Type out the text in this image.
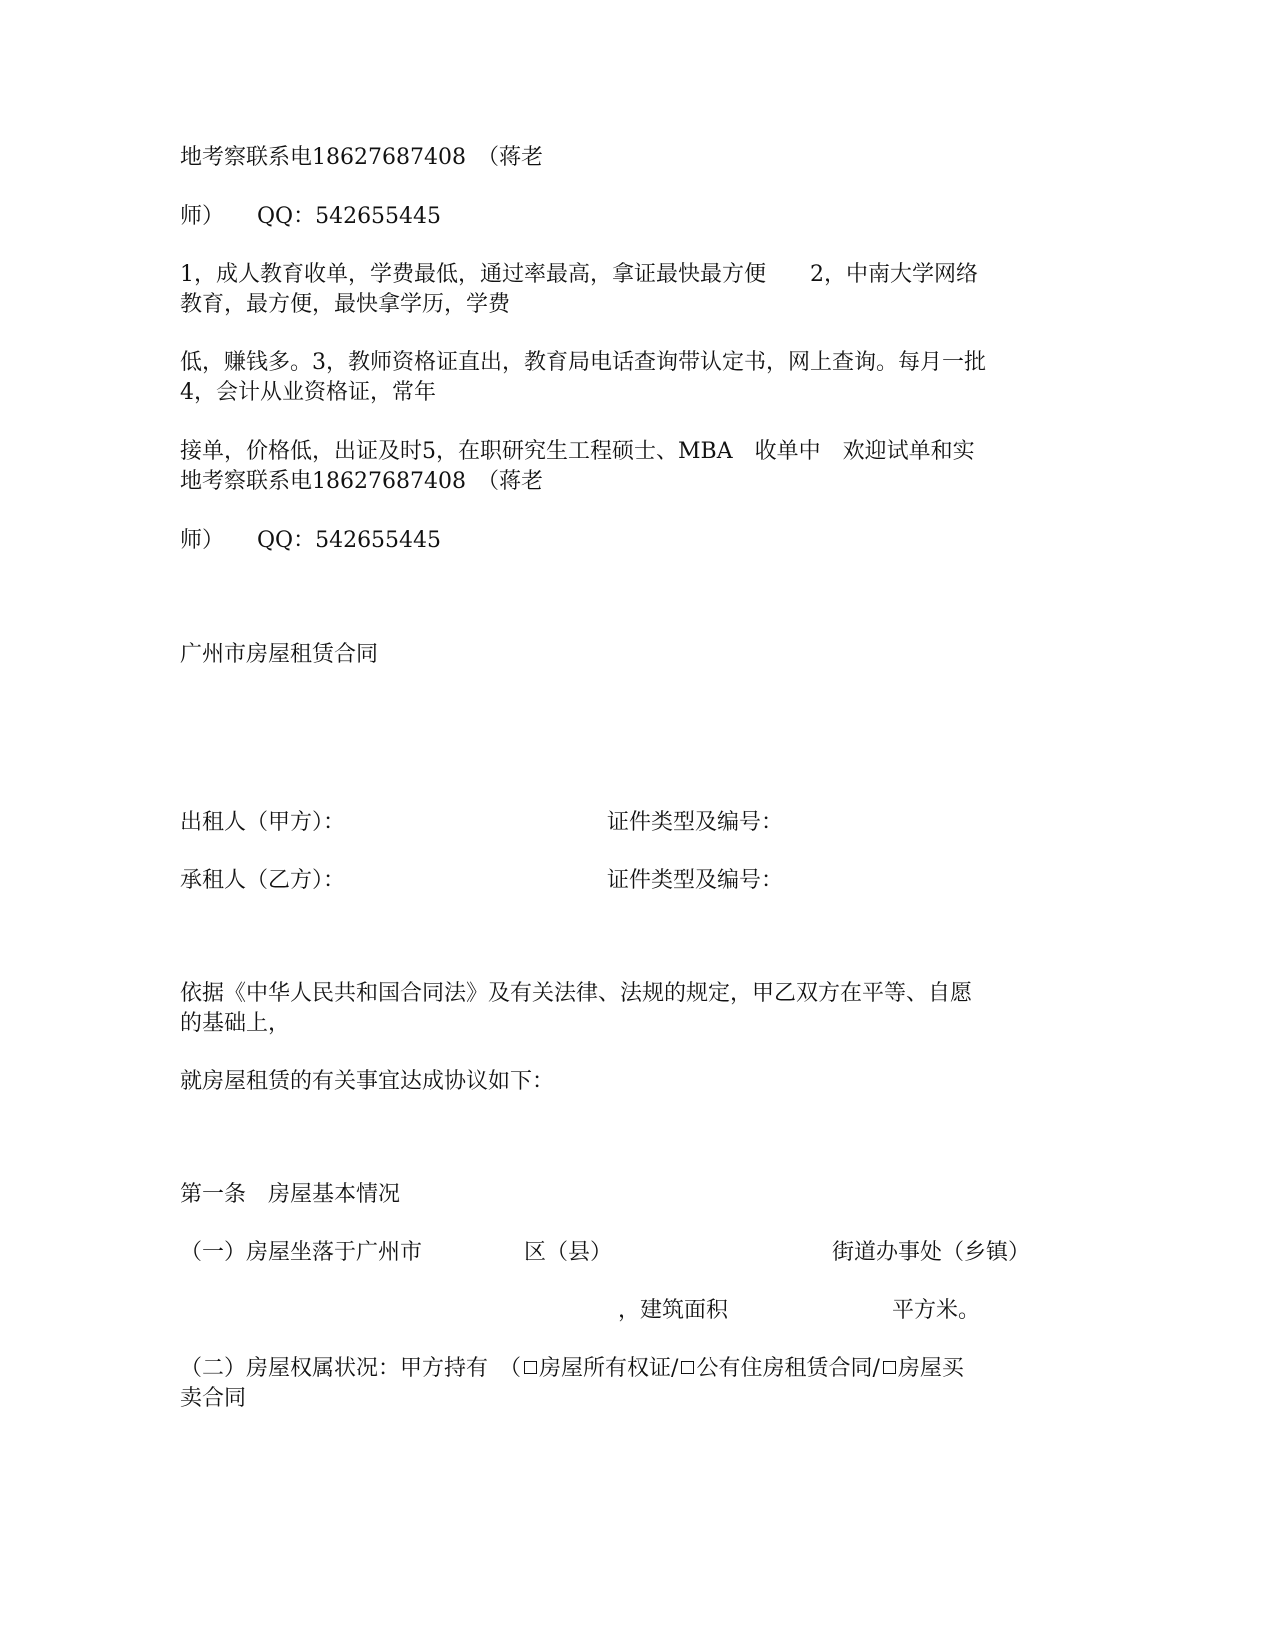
地考察联系电18627687408　（蒋老

师）　　QQ：542655445

1，成人教育收单，学费最低，通过率最高，拿证最快最方便　　2，中南大学网络

教育，最方便，最快拿学历，学费

低，赚钱多。3，教师资格证直出，教育局电话查询带认定书，网上查询。每月一批

4，会计从业资格证，常年

接单，价格低，出证及时5，在职研究生工程硕士、MBA　收单中　欢迎试单和实

地考察联系电18627687408　（蒋老

师）　　QQ：542655445

广州市房屋租赁合同

出租人（甲方）：	证件类型及编号：

承租人（乙方）：	证件类型及编号：

依据《中华人民共和国合同法》及有关法律、法规的规定，甲乙双方在平等、自愿

的基础上，

就房屋租赁的有关事宜达成协议如下：

第一条　房屋基本情况

（一）房屋坐落于广州市	区（县）	街道办事处（乡镇）
，建筑面积	平方米。

（二）房屋权属状况：甲方持有　（ 房屋所有权证/ 公有住房租赁合同/ 房屋买

卖合同
